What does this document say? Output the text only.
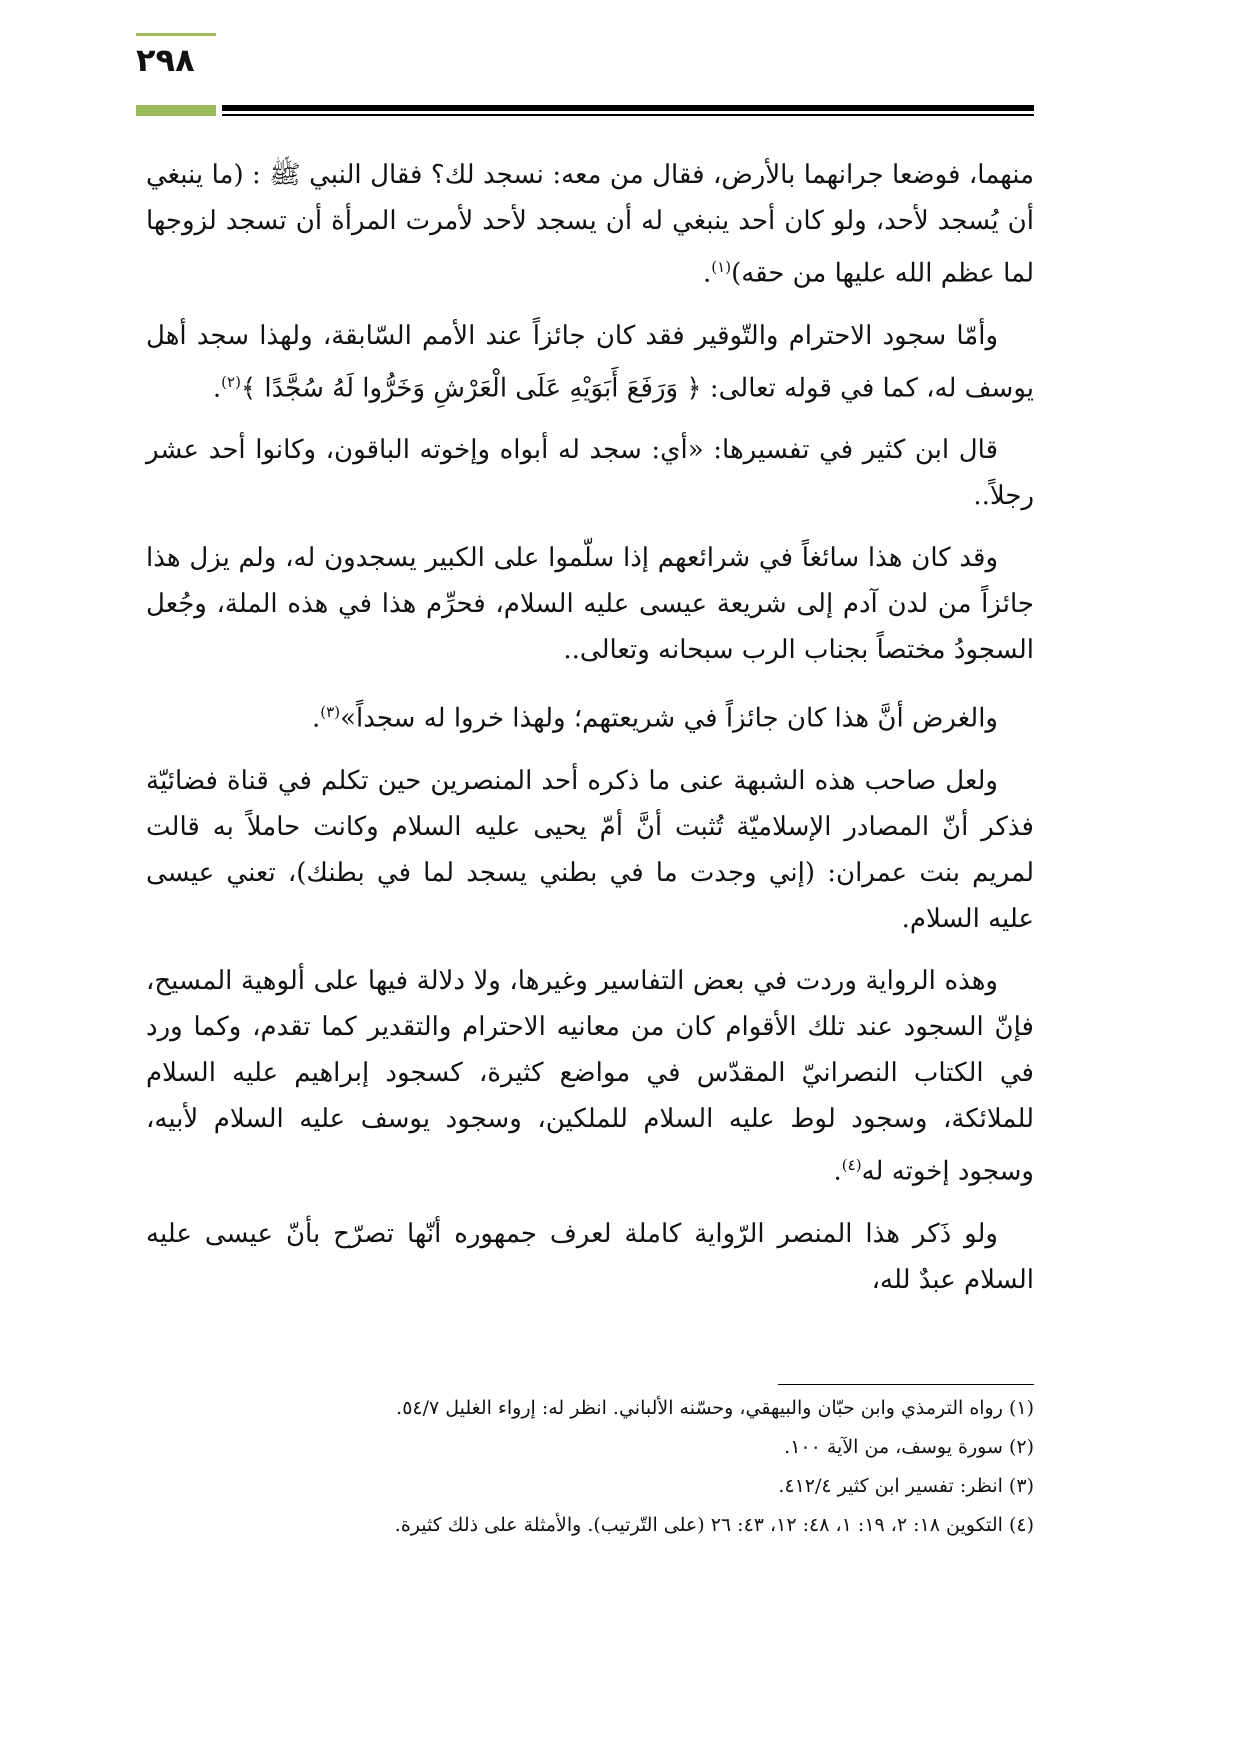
٢٩٨

منهما، فوضعا جرانهما بالأرض، فقال من معه: نسجد لك؟ فقال النبي ﷺ : (ما ينبغي أن يُسجد لأحد، ولو كان أحد ينبغي له أن يسجد لأحد لأمرت المرأة أن تسجد لزوجها لما عظم الله عليها من حقه)$^{(١)}$.

وأمّا سجود الاحترام والتّوقير فقد كان جائزاً عند الأمم السّابقة، ولهذا سجد أهل يوسف له، كما في قوله تعالى: ﴿ وَرَفَعَ أَبَوَيْهِ عَلَى الْعَرْشِ وَخَرُّوا لَهُ سُجَّدًا ﴾$^{(٢)}$.

قال ابن كثير في تفسيرها: «أي: سجد له أبواه وإخوته الباقون، وكانوا أحد عشر رجلاً..

وقد كان هذا سائغاً في شرائعهم إذا سلّموا على الكبير يسجدون له، ولم يزل هذا جائزاً من لدن آدم إلى شريعة عيسى عليه السلام، فحرِّم هذا في هذه الملة، وجُعل السجودُ مختصاً بجناب الرب سبحانه وتعالى..

والغرض أنَّ هذا كان جائزاً في شريعتهم؛ ولهذا خروا له سجداً»$^{(٣)}$.

ولعل صاحب هذه الشبهة عنى ما ذكره أحد المنصرين حين تكلم في قناة فضائيّة فذكر أنّ المصادر الإسلاميّة تُثبت أنَّ أمّ يحيى عليه السلام وكانت حاملاً به قالت لمريم بنت عمران: (إني وجدت ما في بطني يسجد لما في بطنك)، تعني عيسى عليه السلام.

وهذه الرواية وردت في بعض التفاسير وغيرها، ولا دلالة فيها على ألوهية المسيح، فإنّ السجود عند تلك الأقوام كان من معانيه الاحترام والتقدير كما تقدم، وكما ورد في الكتاب النصرانيّ المقدّس في مواضع كثيرة، كسجود إبراهيم عليه السلام للملائكة، وسجود لوط عليه السلام للملكين، وسجود يوسف عليه السلام لأبيه، وسجود إخوته له$^{(٤)}$.

ولو ذَكر هذا المنصر الرّواية كاملة لعرف جمهوره أنّها تصرّح بأنّ عيسى عليه السلام عبدٌ لله،

(١) رواه الترمذي وابن حبّان والبيهقي، وحسّنه الألباني. انظر له: إرواء الغليل ٥٤/٧.

(٢) سورة يوسف، من الآية ١٠٠.

(٣) انظر: تفسير ابن كثير ٤١٢/٤.

(٤) التكوين ١٨: ٢، ١٩: ١، ٤٨: ١٢، ٤٣: ٢٦ (على التّرتيب). والأمثلة على ذلك كثيرة.
